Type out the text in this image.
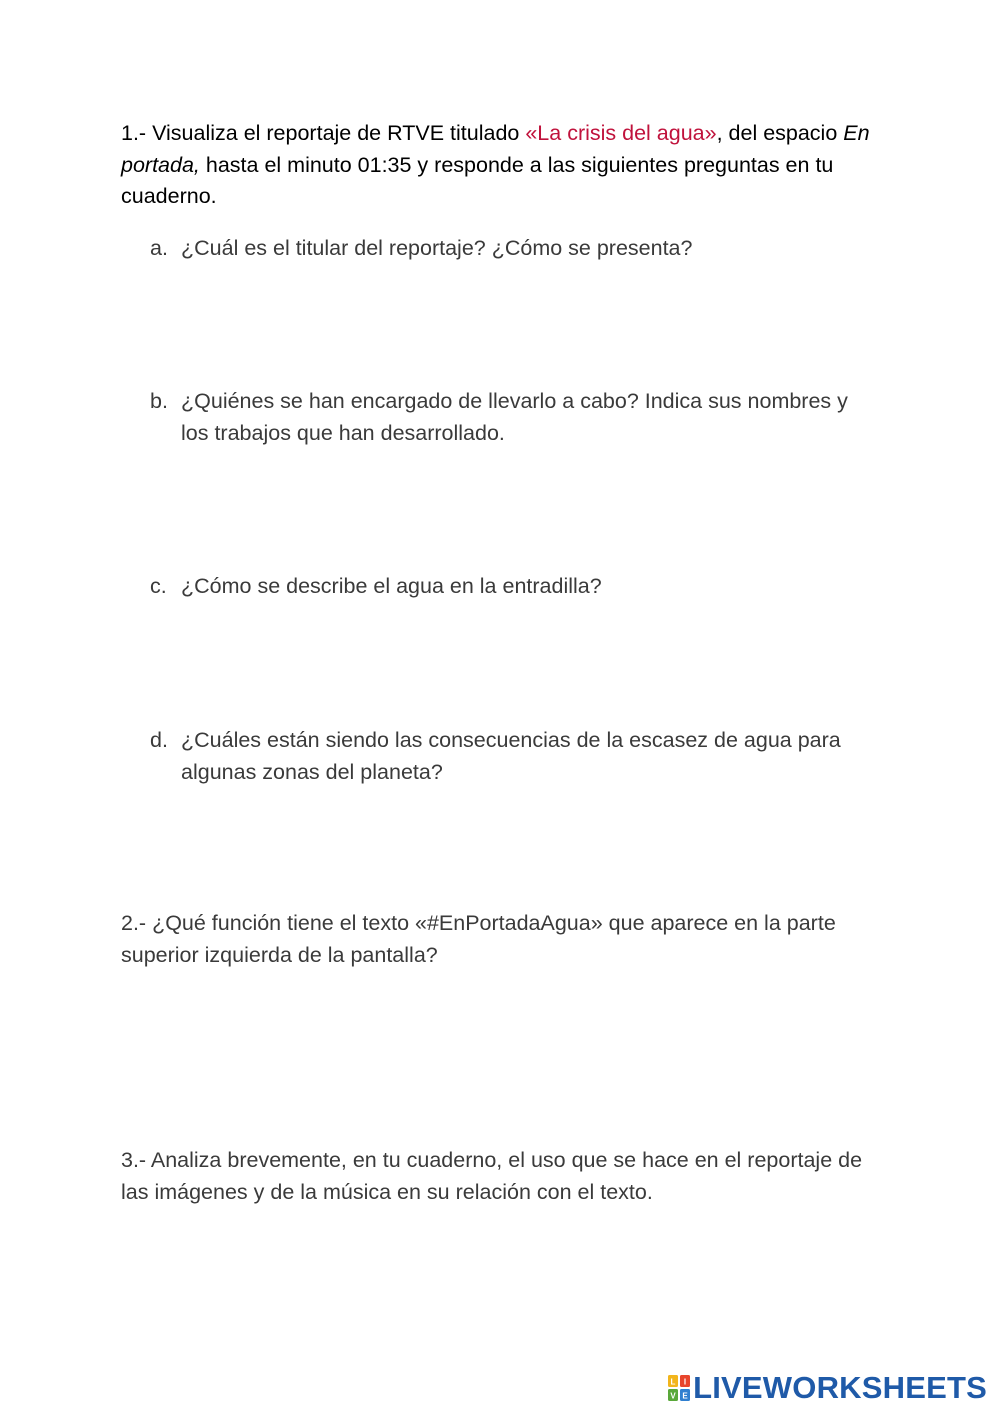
1.- Visualiza el reportaje de RTVE titulado «La crisis del agua», del espacio En portada, hasta el minuto 01:35 y responde a las siguientes preguntas en tu cuaderno.
a. ¿Cuál es el titular del reportaje? ¿Cómo se presenta?
b. ¿Quiénes se han encargado de llevarlo a cabo? Indica sus nombres y los trabajos que han desarrollado.
c. ¿Cómo se describe el agua en la entradilla?
d. ¿Cuáles están siendo las consecuencias de la escasez de agua para algunas zonas del planeta?
2.- ¿Qué función tiene el texto «#EnPortadaAgua» que aparece en la parte superior izquierda de la pantalla?
3.- Analiza brevemente, en tu cuaderno, el uso que se hace en el reportaje de las imágenes y de la música en su relación con el texto.
L I
V E LIVEWORKSHEETS
